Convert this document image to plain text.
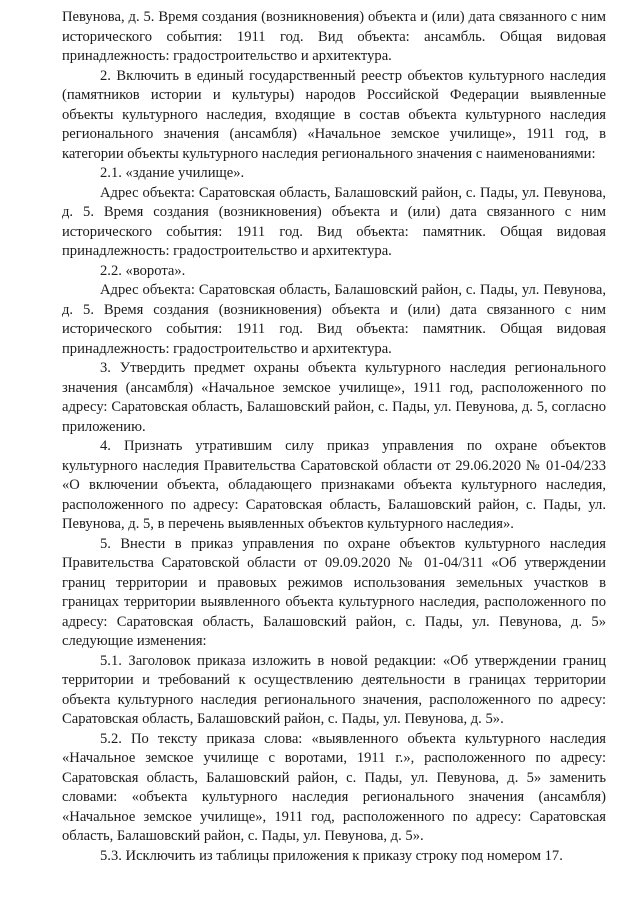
Певунова, д. 5. Время создания (возникновения) объекта и (или) дата связанного с ним исторического события: 1911 год. Вид объекта: ансамбль. Общая видовая принадлежность: градостроительство и архитектура.

2. Включить в единый государственный реестр объектов культурного наследия (памятников истории и культуры) народов Российской Федерации выявленные объекты культурного наследия, входящие в состав объекта культурного наследия регионального значения (ансамбля) «Начальное земское училище», 1911 год, в категории объекты культурного наследия регионального значения с наименованиями:

2.1. «здание училище».

Адрес объекта: Саратовская область, Балашовский район, с. Пады, ул. Певунова, д. 5. Время создания (возникновения) объекта и (или) дата связанного с ним исторического события: 1911 год. Вид объекта: памятник. Общая видовая принадлежность: градостроительство и архитектура.

2.2. «ворота».

Адрес объекта: Саратовская область, Балашовский район, с. Пады, ул. Певунова, д. 5. Время создания (возникновения) объекта и (или) дата связанного с ним исторического события: 1911 год. Вид объекта: памятник. Общая видовая принадлежность: градостроительство и архитектура.

3. Утвердить предмет охраны объекта культурного наследия регионального значения (ансамбля) «Начальное земское училище», 1911 год, расположенного по адресу: Саратовская область, Балашовский район, с. Пады, ул. Певунова, д. 5, согласно приложению.

4. Признать утратившим силу приказ управления по охране объектов культурного наследия Правительства Саратовской области от 29.06.2020 № 01-04/233 «О включении объекта, обладающего признаками объекта культурного наследия, расположенного по адресу: Саратовская область, Балашовский район, с. Пады, ул. Певунова, д. 5, в перечень выявленных объектов культурного наследия».

5. Внести в приказ управления по охране объектов культурного наследия Правительства Саратовской области от 09.09.2020 № 01-04/311 «Об утверждении границ территории и правовых режимов использования земельных участков в границах территории выявленного объекта культурного наследия, расположенного по адресу: Саратовская область, Балашовский район, с. Пады, ул. Певунова, д. 5» следующие изменения:

5.1. Заголовок приказа изложить в новой редакции: «Об утверждении границ территории и требований к осуществлению деятельности в границах территории объекта культурного наследия регионального значения, расположенного по адресу: Саратовская область, Балашовский район, с. Пады, ул. Певунова, д. 5».

5.2. По тексту приказа слова: «выявленного объекта культурного наследия «Начальное земское училище с воротами, 1911 г.», расположенного по адресу: Саратовская область, Балашовский район, с. Пады, ул. Певунова, д. 5» заменить словами: «объекта культурного наследия регионального значения (ансамбля) «Начальное земское училище», 1911 год, расположенного по адресу: Саратовская область, Балашовский район, с. Пады, ул. Певунова, д. 5».

5.3. Исключить из таблицы приложения к приказу строку под номером 17.
